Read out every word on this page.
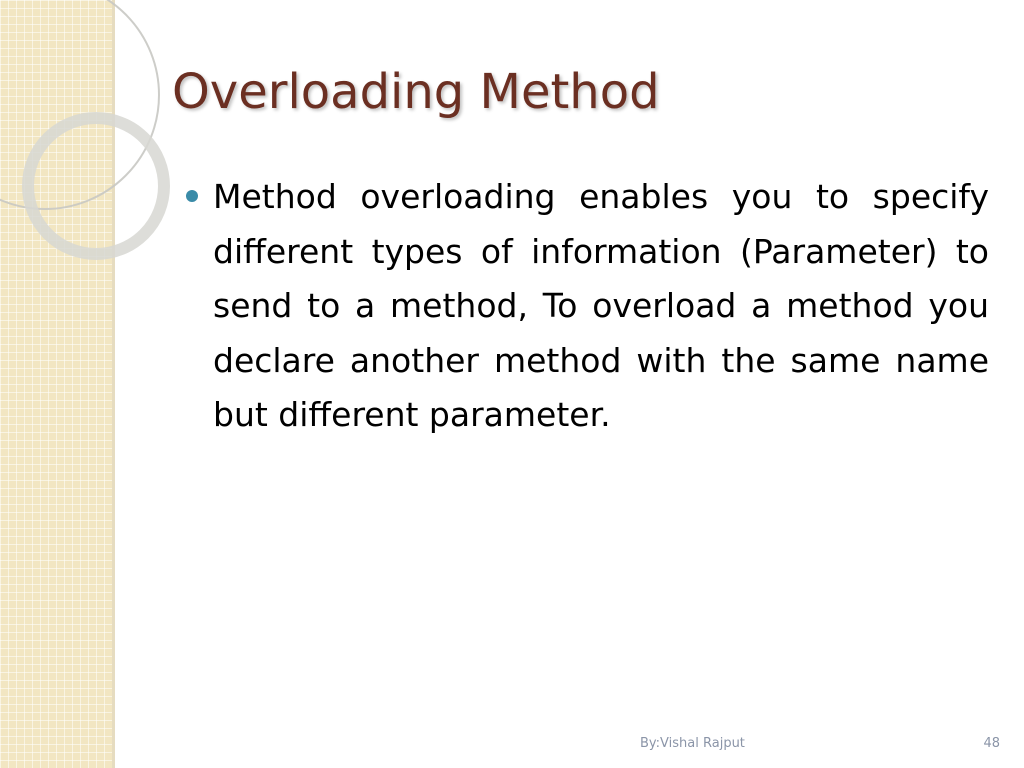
Overloading Method

Method overloading enables you to specify different types of information (Parameter) to send to a method, To overload a method you declare another method with the same name but different parameter.

By:Vishal Rajput	48
